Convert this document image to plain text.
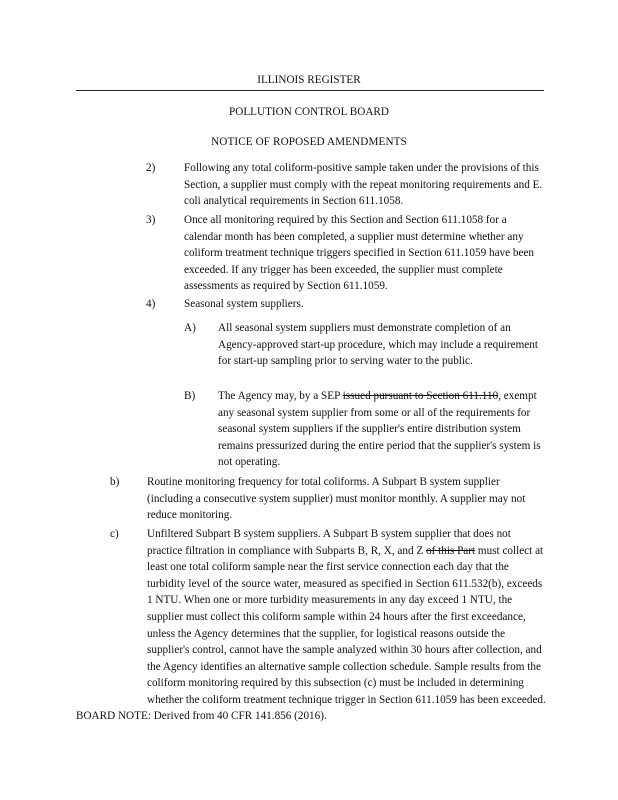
ILLINOIS REGISTER
POLLUTION CONTROL BOARD
NOTICE OF ROPOSED AMENDMENTS
2)	Following any total coliform-positive sample taken under the provisions of this Section, a supplier must comply with the repeat monitoring requirements and E. coli analytical requirements in Section 611.1058.
3)	Once all monitoring required by this Section and Section 611.1058 for a calendar month has been completed, a supplier must determine whether any coliform treatment technique triggers specified in Section 611.1059 have been exceeded. If any trigger has been exceeded, the supplier must complete assessments as required by Section 611.1059.
4)	Seasonal system suppliers.
A) All seasonal system suppliers must demonstrate completion of an Agency-approved start-up procedure, which may include a requirement for start-up sampling prior to serving water to the public.
B) The Agency may, by a SEP issued pursuant to Section 611.110, exempt any seasonal system supplier from some or all of the requirements for seasonal system suppliers if the supplier's entire distribution system remains pressurized during the entire period that the supplier's system is not operating.
b) Routine monitoring frequency for total coliforms. A Subpart B system supplier (including a consecutive system supplier) must monitor monthly. A supplier may not reduce monitoring.
c)	Unfiltered Subpart B system suppliers. A Subpart B system supplier that does not practice filtration in compliance with Subparts B, R, X, and Z of this Part must collect at least one total coliform sample near the first service connection each day that the turbidity level of the source water, measured as specified in Section 611.532(b), exceeds 1 NTU. When one or more turbidity measurements in any day exceed 1 NTU, the supplier must collect this coliform sample within 24 hours after the first exceedance, unless the Agency determines that the supplier, for logistical reasons outside the supplier's control, cannot have the sample analyzed within 30 hours after collection, and the Agency identifies an alternative sample collection schedule. Sample results from the coliform monitoring required by this subsection (c) must be included in determining whether the coliform treatment technique trigger in Section 611.1059 has been exceeded.
BOARD NOTE: Derived from 40 CFR 141.856 (2016).
